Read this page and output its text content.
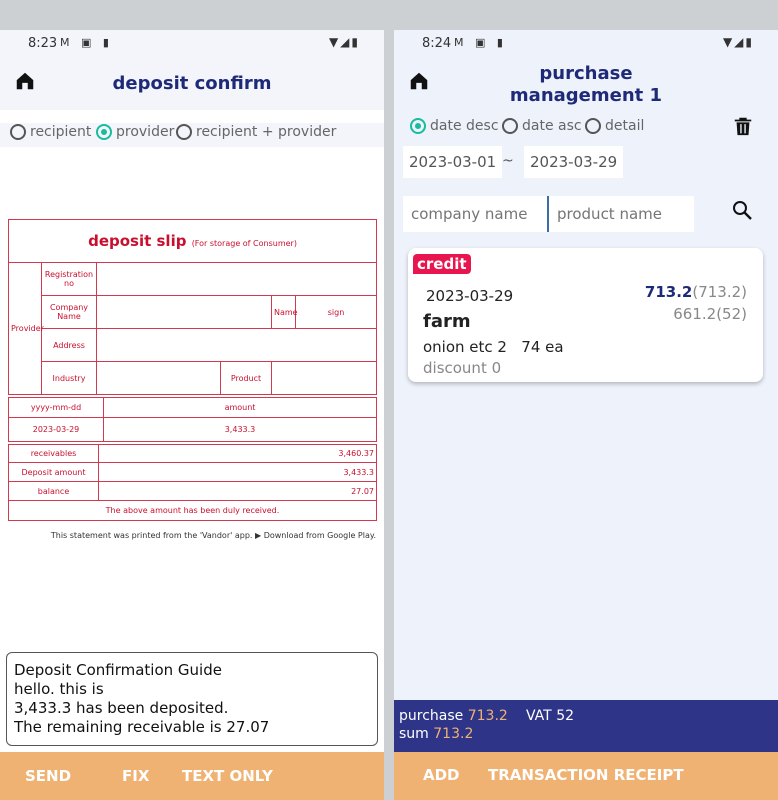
8:23 M ▣ ▮	▼◢▮
deposit confirm
recipient	provider	recipient + provider
deposit slip (For storage of Consumer)					
Provider	Registration no				
	Company Name			Name	sign
	Address				
	Industry		Product		
yyyy-mm-dd	amount
2023-03-29	3,433.3
receivables	3,460.37
Deposit amount	3,433.3
balance	27.07
The above amount has been duly received.	
This statement was printed from the 'Vandor' app. ▶ Download from Google Play.
Deposit Confirmation Guide
hello. this is
3,433.3 has been deposited.
The remaining receivable is 27.07
SEND	FIX TEXT ONLY
8:24 M ▣ ▮	▼◢▮
purchase
management 1
date desc	date asc	detail
2023-03-01 ~	2023-03-29
company name
product name
credit
2023-03-29	713.2(713.2)
661.2(52)
farm
onion etc 2 74 ea
discount 0
purchase 713.2 VAT 52
sum 713.2
ADD TRANSACTION RECEIPT
